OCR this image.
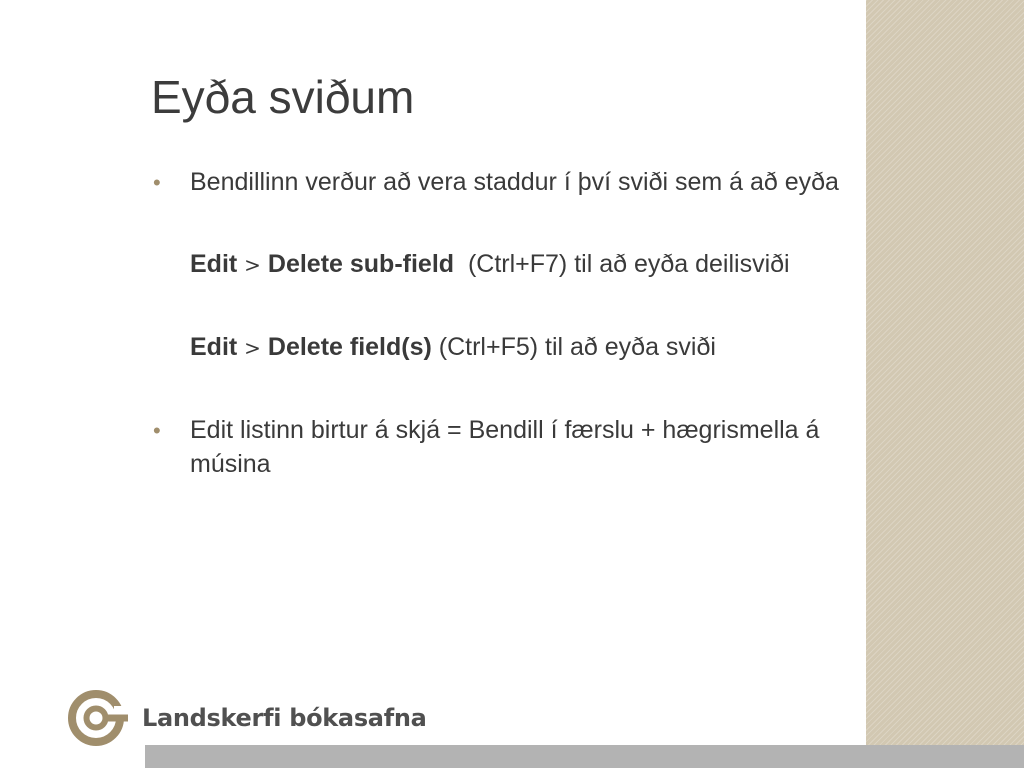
Eyða sviðum
• Bendillinn verður að vera staddur í því sviði sem á að eyða
Edit > Delete sub-field  (Ctrl+F7) til að eyða deilisviði
Edit > Delete field(s) (Ctrl+F5) til að eyða sviði
• Edit listinn birtur á skjá = Bendill í færslu + hægrismella á músina
Landskerfi bókasafna
